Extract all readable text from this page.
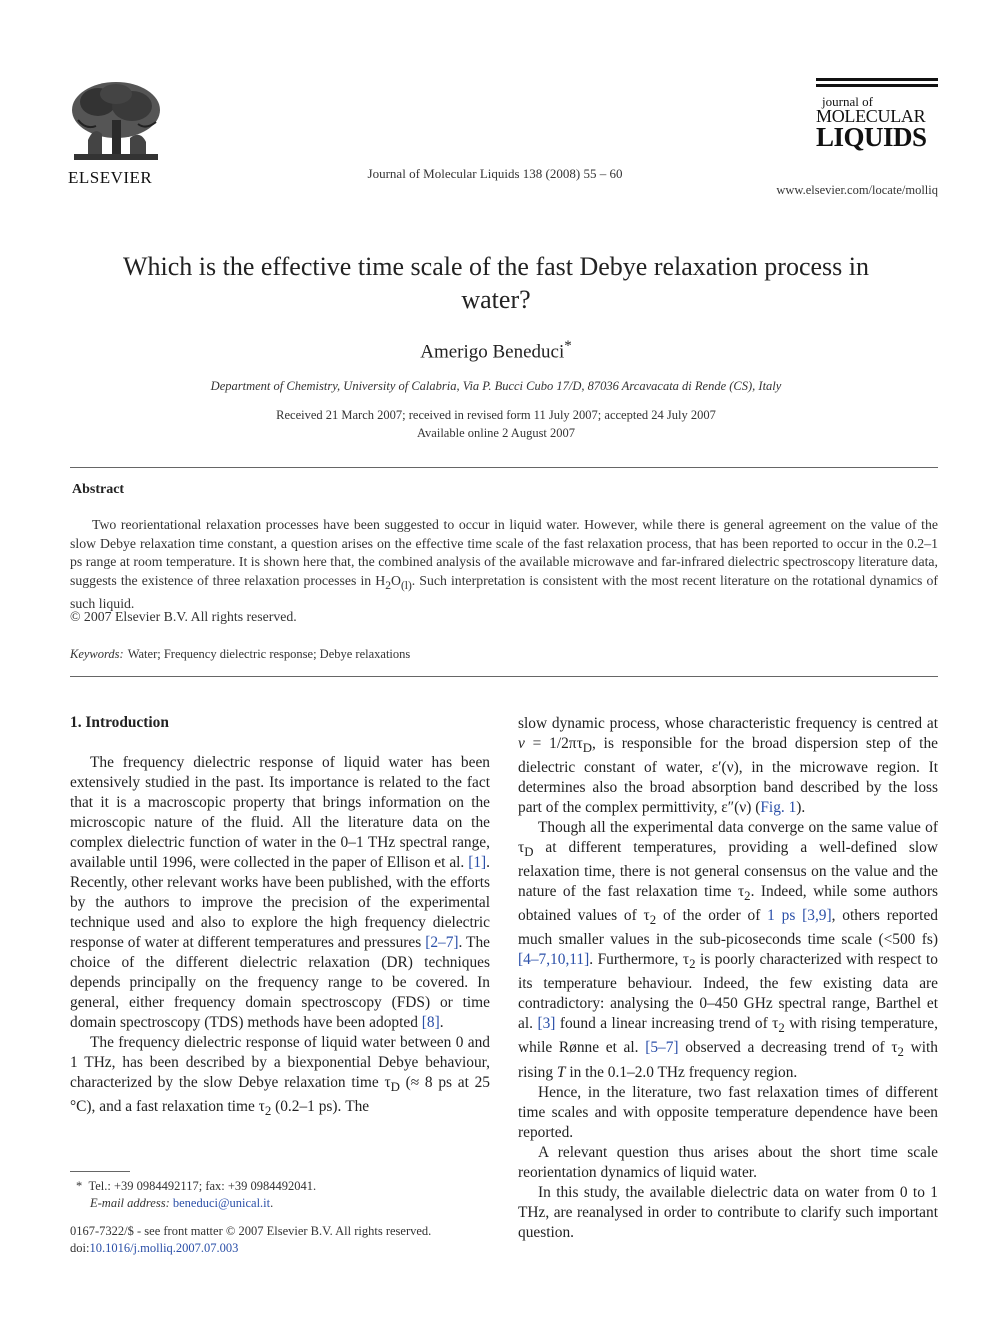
ELSEVIER	Journal of Molecular Liquids 138 (2008) 55 – 60
journal of
MOLECULAR
LIQUIDS
www.elsevier.com/locate/molliq
Which is the effective time scale of the fast Debye relaxation process in water?
Amerigo Beneduci*
Department of Chemistry, University of Calabria, Via P. Bucci Cubo 17/D, 87036 Arcavacata di Rende (CS), Italy
Received 21 March 2007; received in revised form 11 July 2007; accepted 24 July 2007
Available online 2 August 2007
Abstract

Two reorientational relaxation processes have been suggested to occur in liquid water. However, while there is general agreement on the value of the slow Debye relaxation time constant, a question arises on the effective time scale of the fast relaxation process, that has been reported to occur in the 0.2–1 ps range at room temperature. It is shown here that, the combined analysis of the available microwave and far-infrared dielectric spectroscopy literature data, suggests the existence of three relaxation processes in $H_2O_{(l)}$. Such interpretation is consistent with the most recent literature on the rotational dynamics of such liquid.

© 2007 Elsevier B.V. All rights reserved.
Keywords: Water; Frequency dielectric response; Debye relaxations
1. Introduction

The frequency dielectric response of liquid water has been extensively studied in the past. Its importance is related to the fact that it is a macroscopic property that brings information on the microscopic nature of the fluid. All the literature data on the complex dielectric function of water in the 0–1 THz spectral range, available until 1996, were collected in the paper of Ellison et al. [1]. Recently, other relevant works have been published, with the efforts by the authors to improve the precision of the experimental technique used and also to explore the high frequency dielectric response of water at different temperatures and pressures [2–7]. The choice of the different dielectric relaxation (DR) techniques depends principally on the frequency range to be covered. In general, either frequency domain spectroscopy (FDS) or time domain spectroscopy (TDS) methods have been adopted [8].

The frequency dielectric response of liquid water between 0 and 1 THz, has been described by a biexponential Debye behaviour, characterized by the slow Debye relaxation time $\tau_D$ (≈ 8 ps at 25 °C), and a fast relaxation time $\tau_2$ (0.2–1 ps). The

slow dynamic process, whose characteristic frequency is centred at $\nu = 1/2\pi\tau_D$, is responsible for the broad dispersion step of the dielectric constant of water, ε′(ν), in the microwave region. It determines also the broad absorption band described by the loss part of the complex permittivity, ε″(ν) (Fig. 1).

Though all the experimental data converge on the same value of $\tau_D$ at different temperatures, providing a well-defined slow relaxation time, there is not general consensus on the value and the nature of the fast relaxation time $\tau_2$. Indeed, while some authors obtained values of $\tau_2$ of the order of 1 ps [3,9], others reported much smaller values in the sub-picoseconds time scale (<500 fs) [4–7,10,11]. Furthermore, $\tau_2$ is poorly characterized with respect to its temperature behaviour. Indeed, the few existing data are contradictory: analysing the 0–450 GHz spectral range, Barthel et al. [3] found a linear increasing trend of $\tau_2$ with rising temperature, while Rønne et al. [5–7] observed a decreasing trend of $\tau_2$ with rising T in the 0.1–2.0 THz frequency region.

Hence, in the literature, two fast relaxation times of different time scales and with opposite temperature dependence have been reported.

A relevant question thus arises about the short time scale reorientation dynamics of liquid water.

In this study, the available dielectric data on water from 0 to 1 THz, are reanalysed in order to contribute to clarify such important question.

* Tel.: +39 0984492117; fax: +39 0984492041.
E-mail address: beneduci@unical.it.
0167-7322/$ - see front matter © 2007 Elsevier B.V. All rights reserved.
doi:10.1016/j.molliq.2007.07.003
